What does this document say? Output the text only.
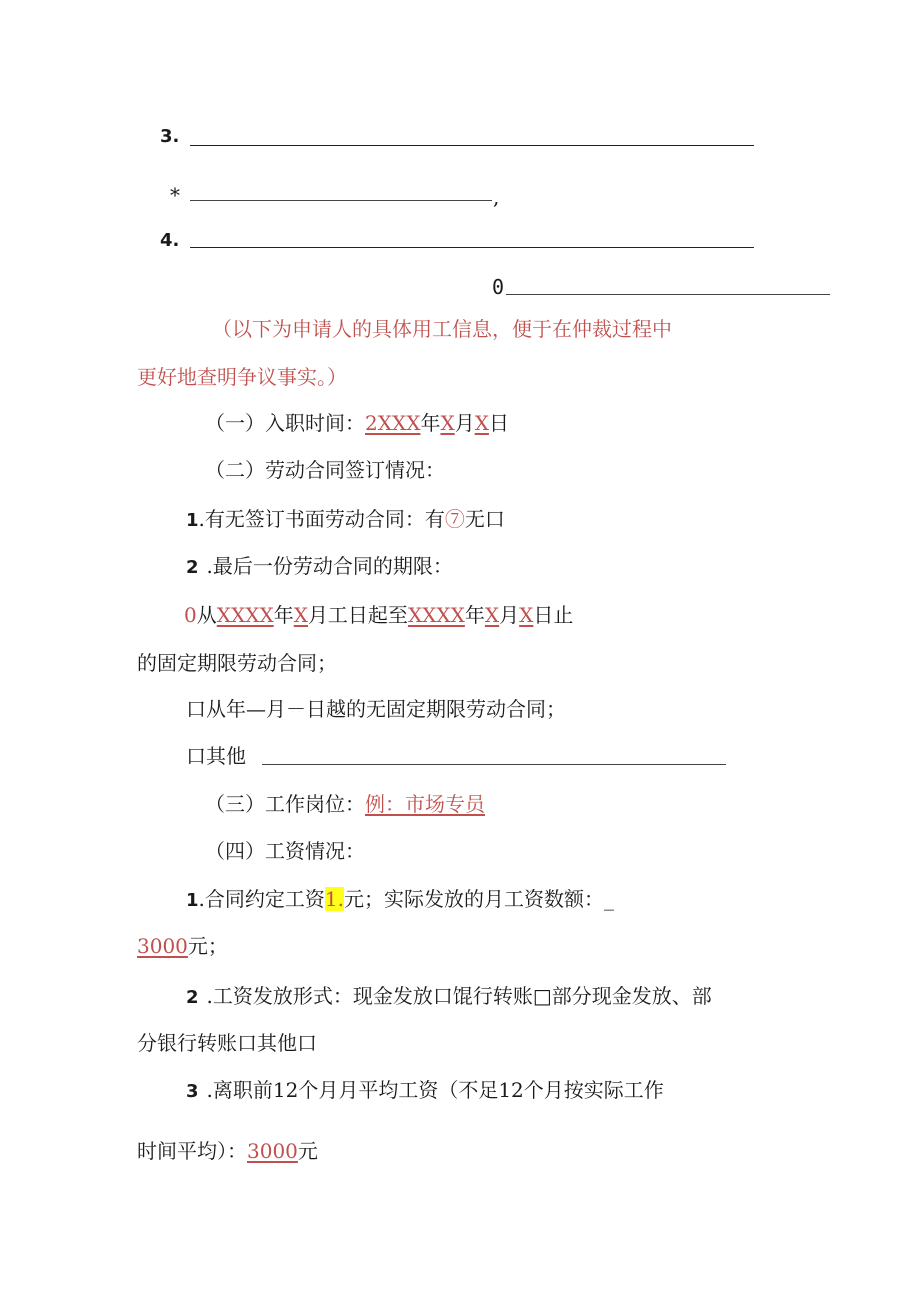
3.
*	,
4.
0
（以下为申请人的具体用工信息，便于在仲裁过程中
更好地查明争议事实。）
（一）入职时间：2XXX年X月X日
（二）劳动合同签订情况：
1.有无签订书面劳动合同：有⑦无口
2 .最后一份劳动合同的期限：
0从XXXX年X月工日起至XXXX年X月X日止
的固定期限劳动合同；
口从年—月－日越的无固定期限劳动合同；
口其他
（三）工作岗位：例：市场专员
（四）工资情况：
1.合同约定工资1.元；实际发放的月工资数额：_
3000元；
2 .工资发放形式：现金发放口馄行转账□部分现金发放、部
分银行转账口其他口
3 .离职前12个月月平均工资（不足12个月按实际工作
时间平均）：3000元
